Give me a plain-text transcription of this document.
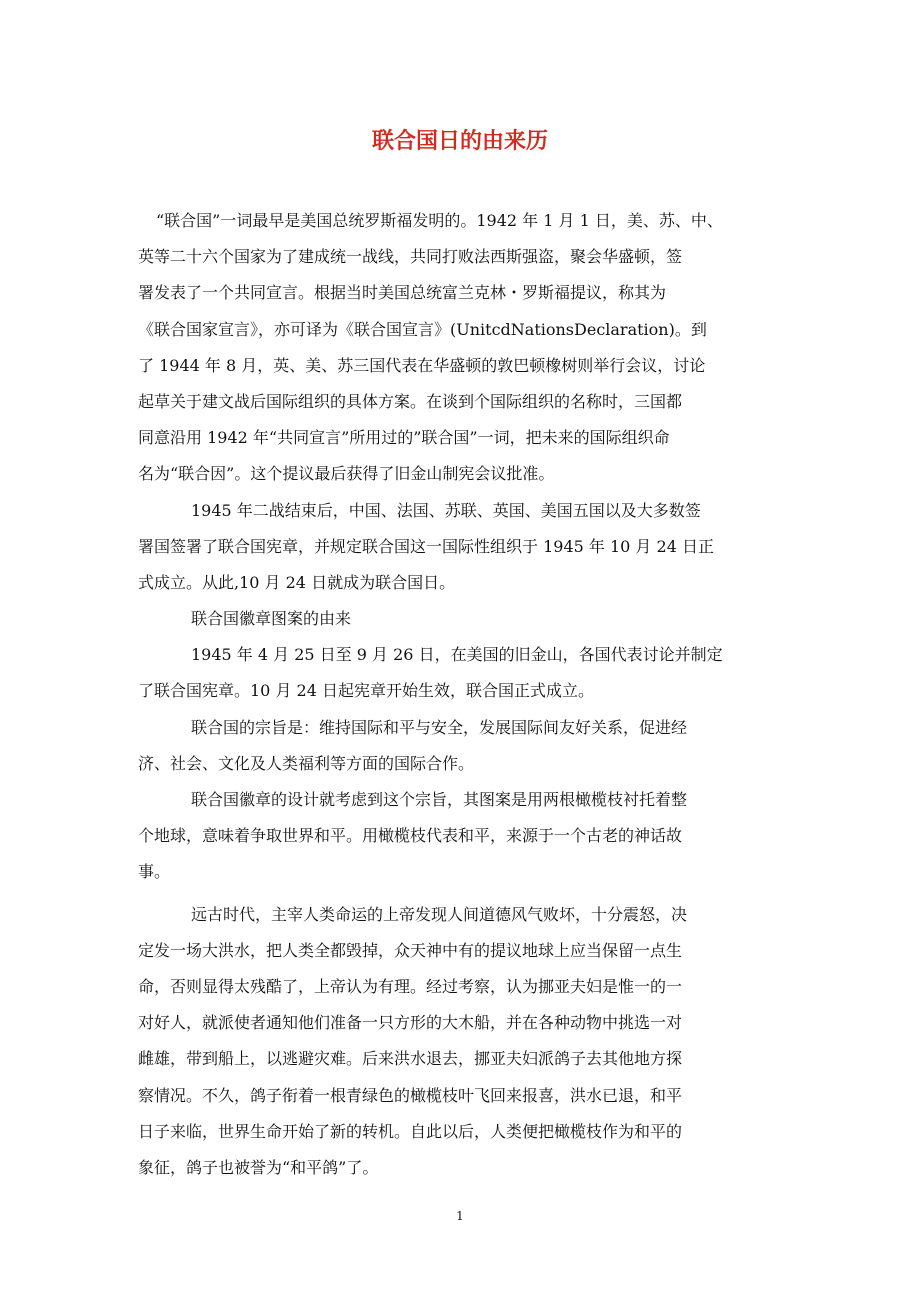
联合国日的由来历
“联合国”一词最早是美国总统罗斯福发明的。1942 年 1 月 1 日，美、苏、中、
英等二十六个国家为了建成统一战线，共同打败法西斯强盗，聚会华盛顿，签
署发表了一个共同宣言。根据当时美国总统富兰克林・罗斯福提议，称其为
《联合国家宣言》，亦可译为《联合国宣言》(UnitcdNationsDeclaration)。到
了 1944 年 8 月，英、美、苏三国代表在华盛顿的敦巴顿橡树则举行会议，讨论
起草关于建文战后国际组织的具体方案。在谈到个国际组织的名称时，三国都
同意沿用 1942 年“共同宣言”所用过的”联合国”一词，把未来的国际组织命
名为“联合因”。这个提议最后获得了旧金山制宪会议批准。
1945 年二战结束后，中国、法国、苏联、英国、美国五国以及大多数签
署国签署了联合国宪章，并规定联合国这一国际性组织于 1945 年 10 月 24 日正
式成立。从此,10 月 24 日就成为联合国日。
联合国徽章图案的由来
1945 年 4 月 25 日至 9 月 26 日，在美国的旧金山，各国代表讨论并制定
了联合国宪章。10 月 24 日起宪章开始生效，联合国正式成立。
联合国的宗旨是：维持国际和平与安全，发展国际间友好关系，促进经
济、社会、文化及人类福利等方面的国际合作。
联合国徽章的设计就考虑到这个宗旨，其图案是用两根橄榄枝衬托着整
个地球，意味着争取世界和平。用橄榄枝代表和平，来源于一个古老的神话故
事。
远古时代，主宰人类命运的上帝发现人间道德风气败坏，十分震怒，决
定发一场大洪水，把人类全都毁掉，众天神中有的提议地球上应当保留一点生
命，否则显得太残酷了，上帝认为有理。经过考察，认为挪亚夫妇是惟一的一
对好人，就派使者通知他们准备一只方形的大木船，并在各种动物中挑选一对
雌雄，带到船上，以逃避灾难。后来洪水退去，挪亚夫妇派鸽子去其他地方探
察情况。不久，鸽子衔着一根青绿色的橄榄枝叶飞回来报喜，洪水已退，和平
日子来临，世界生命开始了新的转机。自此以后，人类便把橄榄枝作为和平的
象征，鸽子也被誉为“和平鸽”了。
1
